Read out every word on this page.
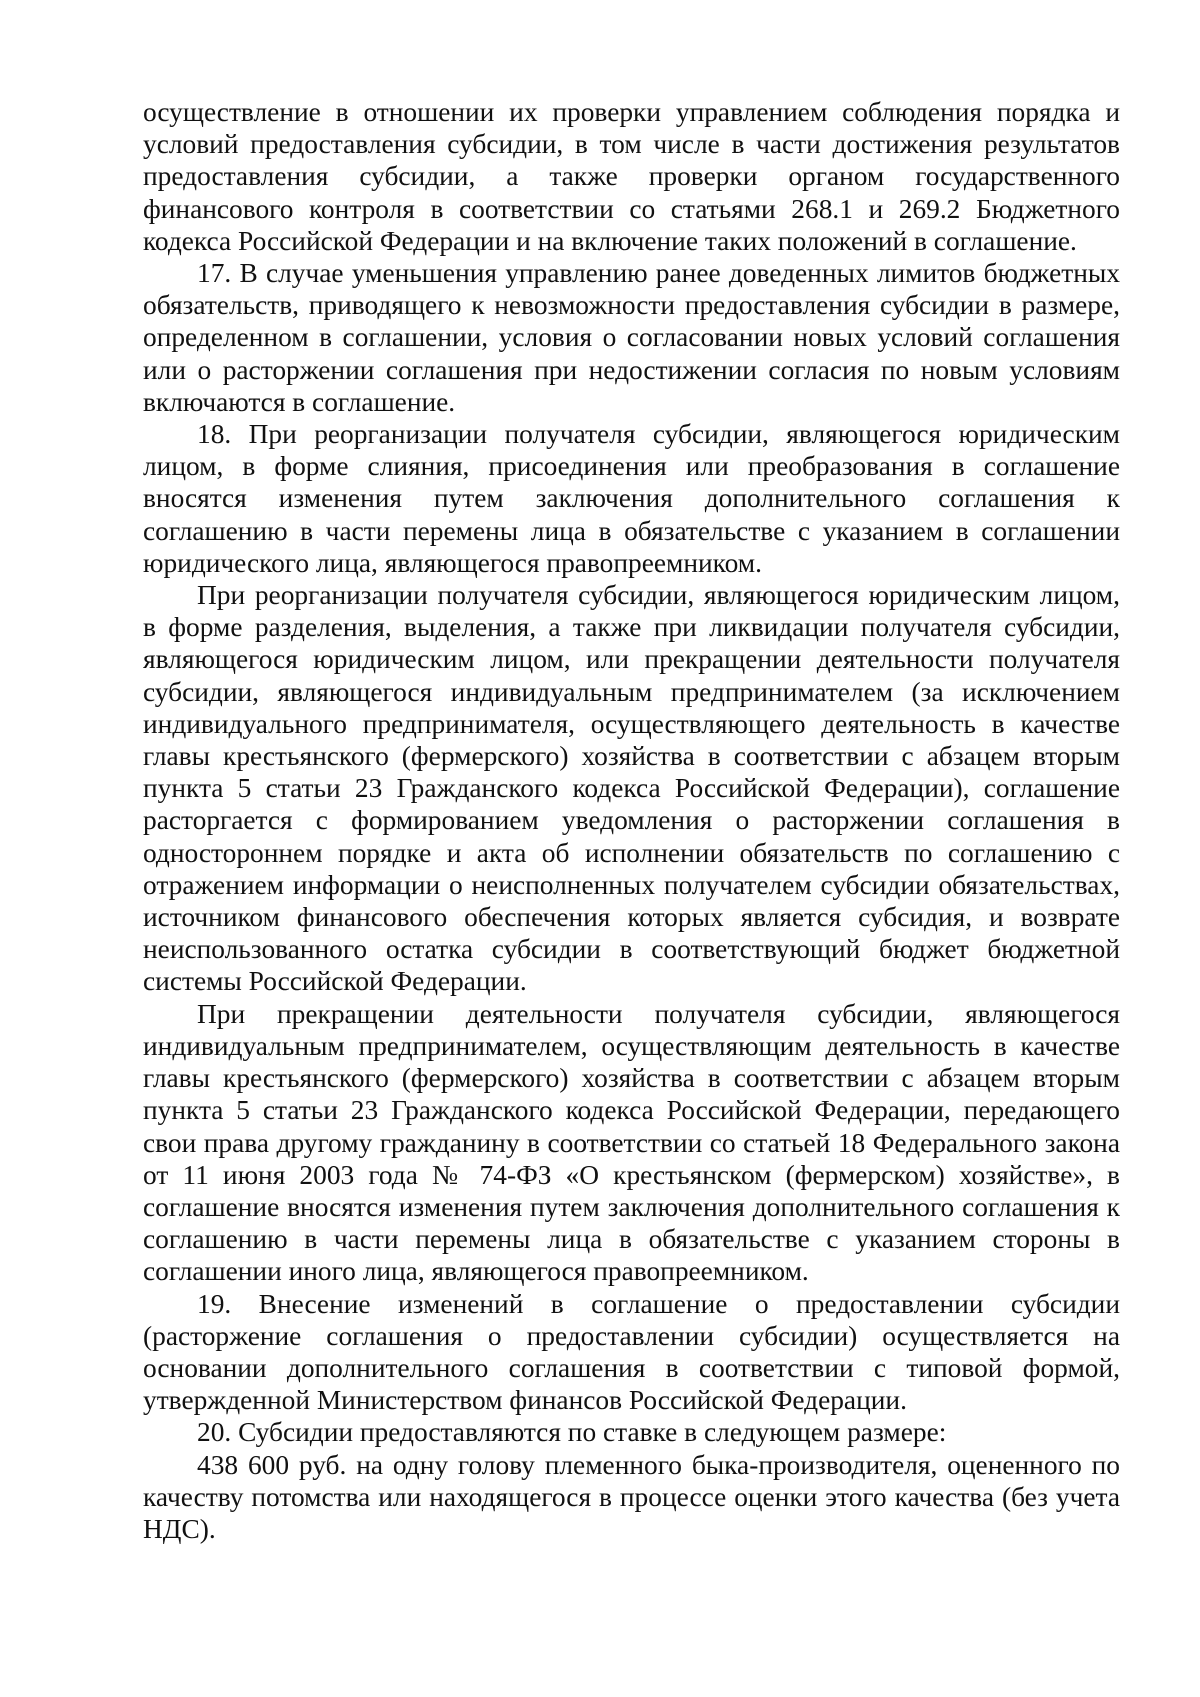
осуществление в отношении их проверки управлением соблюдения порядка и условий предоставления субсидии, в том числе в части достижения результатов предоставления субсидии, а также проверки органом государственного финансового контроля в соответствии со статьями 268.1 и 269.2 Бюджетного кодекса Российской Федерации и на включение таких положений в соглашение.

17. В случае уменьшения управлению ранее доведенных лимитов бюджетных обязательств, приводящего к невозможности предоставления субсидии в размере, определенном в соглашении, условия о согласовании новых условий соглашения или о расторжении соглашения при недостижении согласия по новым условиям включаются в соглашение.

18. При реорганизации получателя субсидии, являющегося юридическим лицом, в форме слияния, присоединения или преобразования в соглашение вносятся изменения путем заключения дополнительного соглашения к соглашению в части перемены лица в обязательстве с указанием в соглашении юридического лица, являющегося правопреемником.

При реорганизации получателя субсидии, являющегося юридическим лицом, в форме разделения, выделения, а также при ликвидации получателя субсидии, являющегося юридическим лицом, или прекращении деятельности получателя субсидии, являющегося индивидуальным предпринимателем (за исключением индивидуального предпринимателя, осуществляющего деятельность в качестве главы крестьянского (фермерского) хозяйства в соответствии с абзацем вторым пункта 5 статьи 23 Гражданского кодекса Российской Федерации), соглашение расторгается с формированием уведомления о расторжении соглашения в одностороннем порядке и акта об исполнении обязательств по соглашению с отражением информации о неисполненных получателем субсидии обязательствах, источником финансового обеспечения которых является субсидия, и возврате неиспользованного остатка субсидии в соответствующий бюджет бюджетной системы Российской Федерации.

При прекращении деятельности получателя субсидии, являющегося индивидуальным предпринимателем, осуществляющим деятельность в качестве главы крестьянского (фермерского) хозяйства в соответствии с абзацем вторым пункта 5 статьи 23 Гражданского кодекса Российской Федерации, передающего свои права другому гражданину в соответствии со статьей 18 Федерального закона от 11 июня 2003 года № 74-ФЗ «О крестьянском (фермерском) хозяйстве», в соглашение вносятся изменения путем заключения дополнительного соглашения к соглашению в части перемены лица в обязательстве с указанием стороны в соглашении иного лица, являющегося правопреемником.

19. Внесение изменений в соглашение о предоставлении субсидии (расторжение соглашения о предоставлении субсидии) осуществляется на основании дополнительного соглашения в соответствии с типовой формой, утвержденной Министерством финансов Российской Федерации.

20. Субсидии предоставляются по ставке в следующем размере:

438 600 руб. на одну голову племенного быка-производителя, оцененного по качеству потомства или находящегося в процессе оценки этого качества (без учета НДС).
